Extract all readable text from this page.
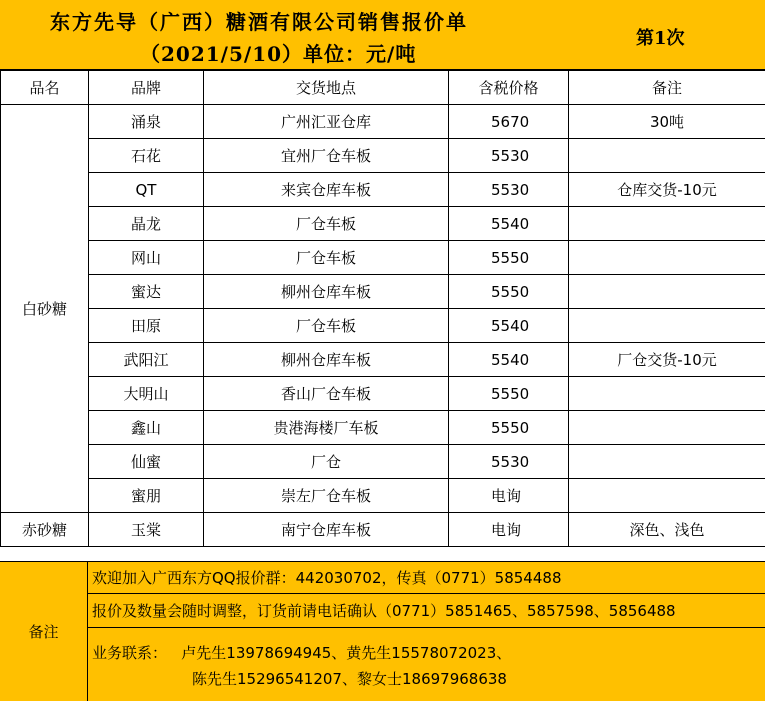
东方先导（广西）糖酒有限公司销售报价单
（2021/5/10）单位：元/吨
第1次
品名	品牌	交货地点	含税价格	备注
白砂糖	涌泉	广州汇亚仓库	5670	30吨
	石花	宜州厂仓车板	5530	
	QT	来宾仓库车板	5530	仓库交货-10元
	晶龙	厂仓车板	5540	
	网山	厂仓车板	5550	
	蜜达	柳州仓库车板	5550	
	田原	厂仓车板	5540	
	武阳江	柳州仓库车板	5540	厂仓交货-10元
	大明山	香山厂仓车板	5550	
	鑫山	贵港海楼厂车板	5550	
	仙蜜	厂仓	5530	
	蜜朋	崇左厂仓车板	电询	
赤砂糖	玉棠	南宁仓库车板	电询	深色、浅色
备注
欢迎加入广西东方QQ报价群：442030702，传真（0771）5854488
报价及数量会随时调整，订货前请电话确认（0771）5851465、5857598、5856488
业务联系：   卢先生13978694945、黄先生15578072023、
陈先生15296541207、黎女士18697968638
